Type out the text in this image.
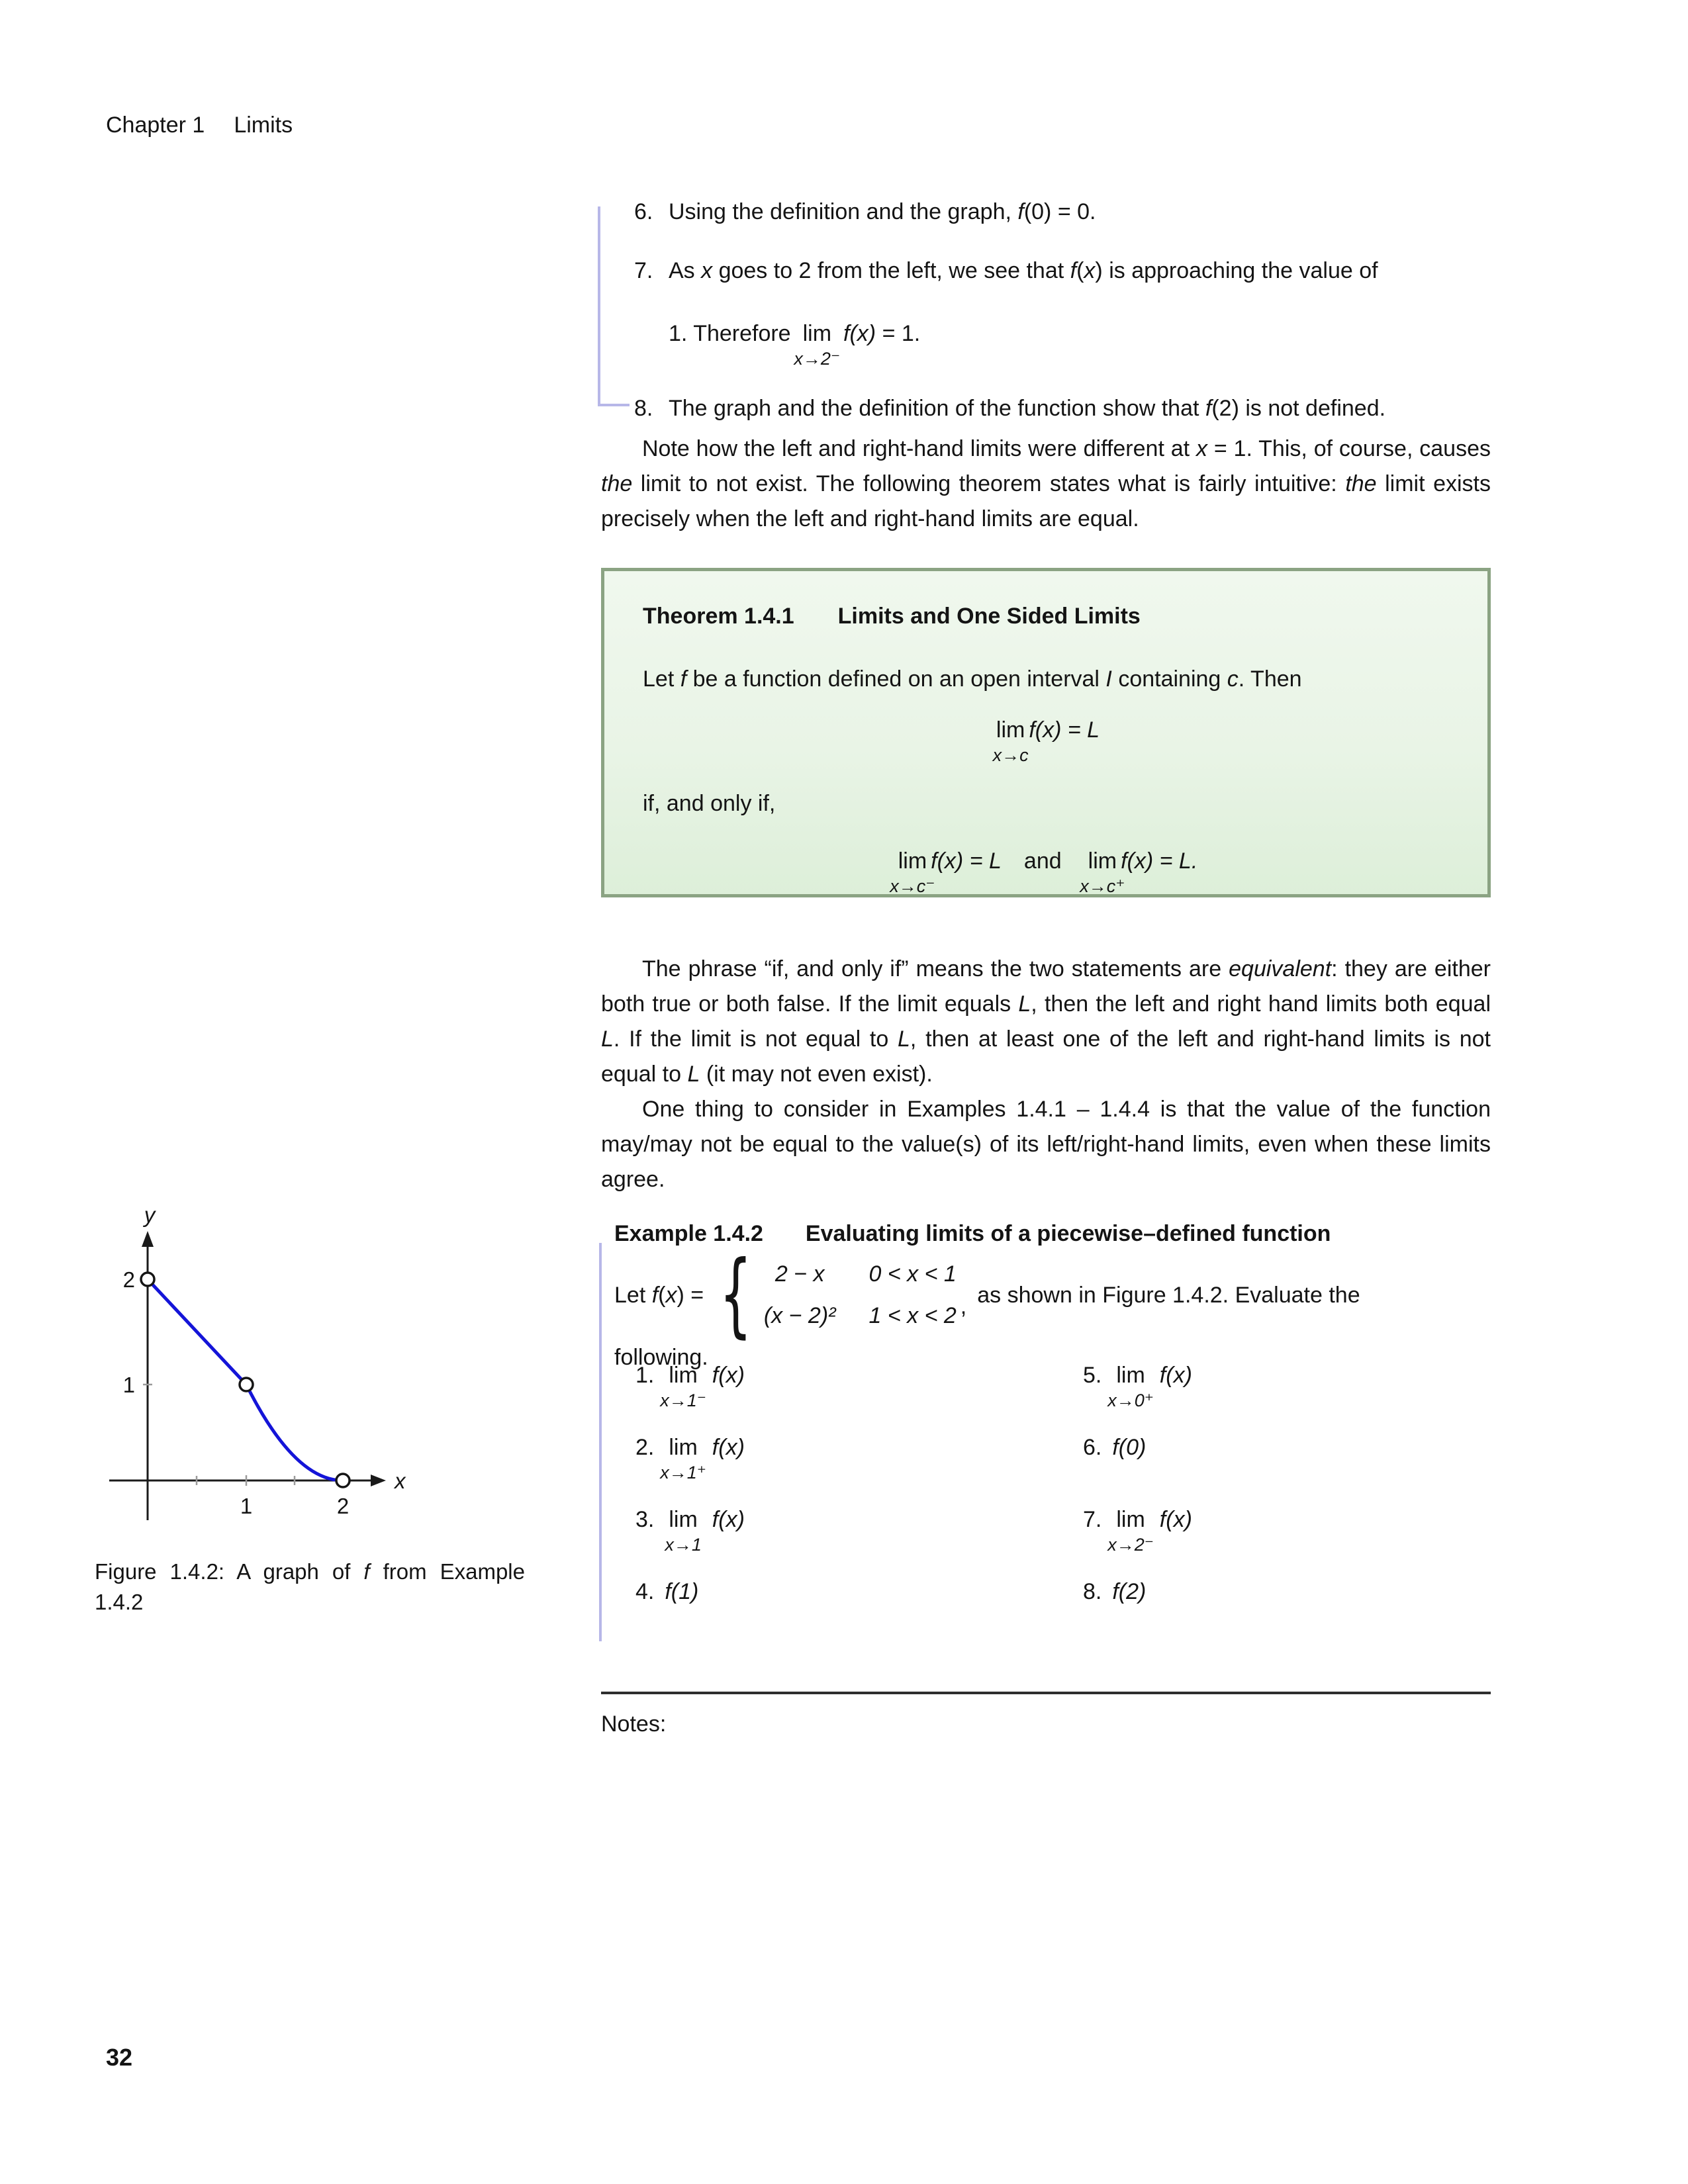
Chapter 1 Limits
6. Using the definition and the graph, f(0) = 0.
7. As x goes to 2 from the left, we see that f(x) is approaching the value of
1. Therefore lim
x→2⁻
f(x) = 1.
8. The graph and the definition of the function show that f(2) is not defined.

Note how the left and right-hand limits were different at x = 1. This, of course, causes the limit to not exist. The following theorem states what is fairly intuitive: the limit exists precisely when the left and right-hand limits are equal.

Theorem 1.4.1 Limits and One Sided Limits
Let f be a function defined on an open interval I containing c. Then
lim
x→c
f(x) = L
if, and only if,
lim
x→c⁻
f(x) = L and lim
x→c⁺
f(x) = L.

The phrase “if, and only if” means the two statements are equivalent: they are either both true or both false. If the limit equals L, then the left and right hand limits both equal L. If the limit is not equal to L, then at least one of the left and right-hand limits is not equal to L (it may not even exist).

One thing to consider in Examples 1.4.1 – 1.4.4 is that the value of the function may/may not be equal to the value(s) of its left/right-hand limits, even when these limits agree.

Example 1.4.2 Evaluating limits of a piecewise–defined function
Let f(x) = { 2 − x 0 < x < 1
(x − 2)² 1 < x < 2 , as shown in Figure 1.4.2. Evaluate the
following.
1. lim
x→1⁻
f(x)
2. lim
x→1⁺
f(x)
3. lim
x→1
f(x)
4. f(1)
5. lim
x→0⁺
f(x)
6. f(0)
7. lim
x→2⁻
f(x)
8. f(2)
2
1
1	2
y
x
Figure 1.4.2: A graph of f from Example 1.4.2
Notes:
32
